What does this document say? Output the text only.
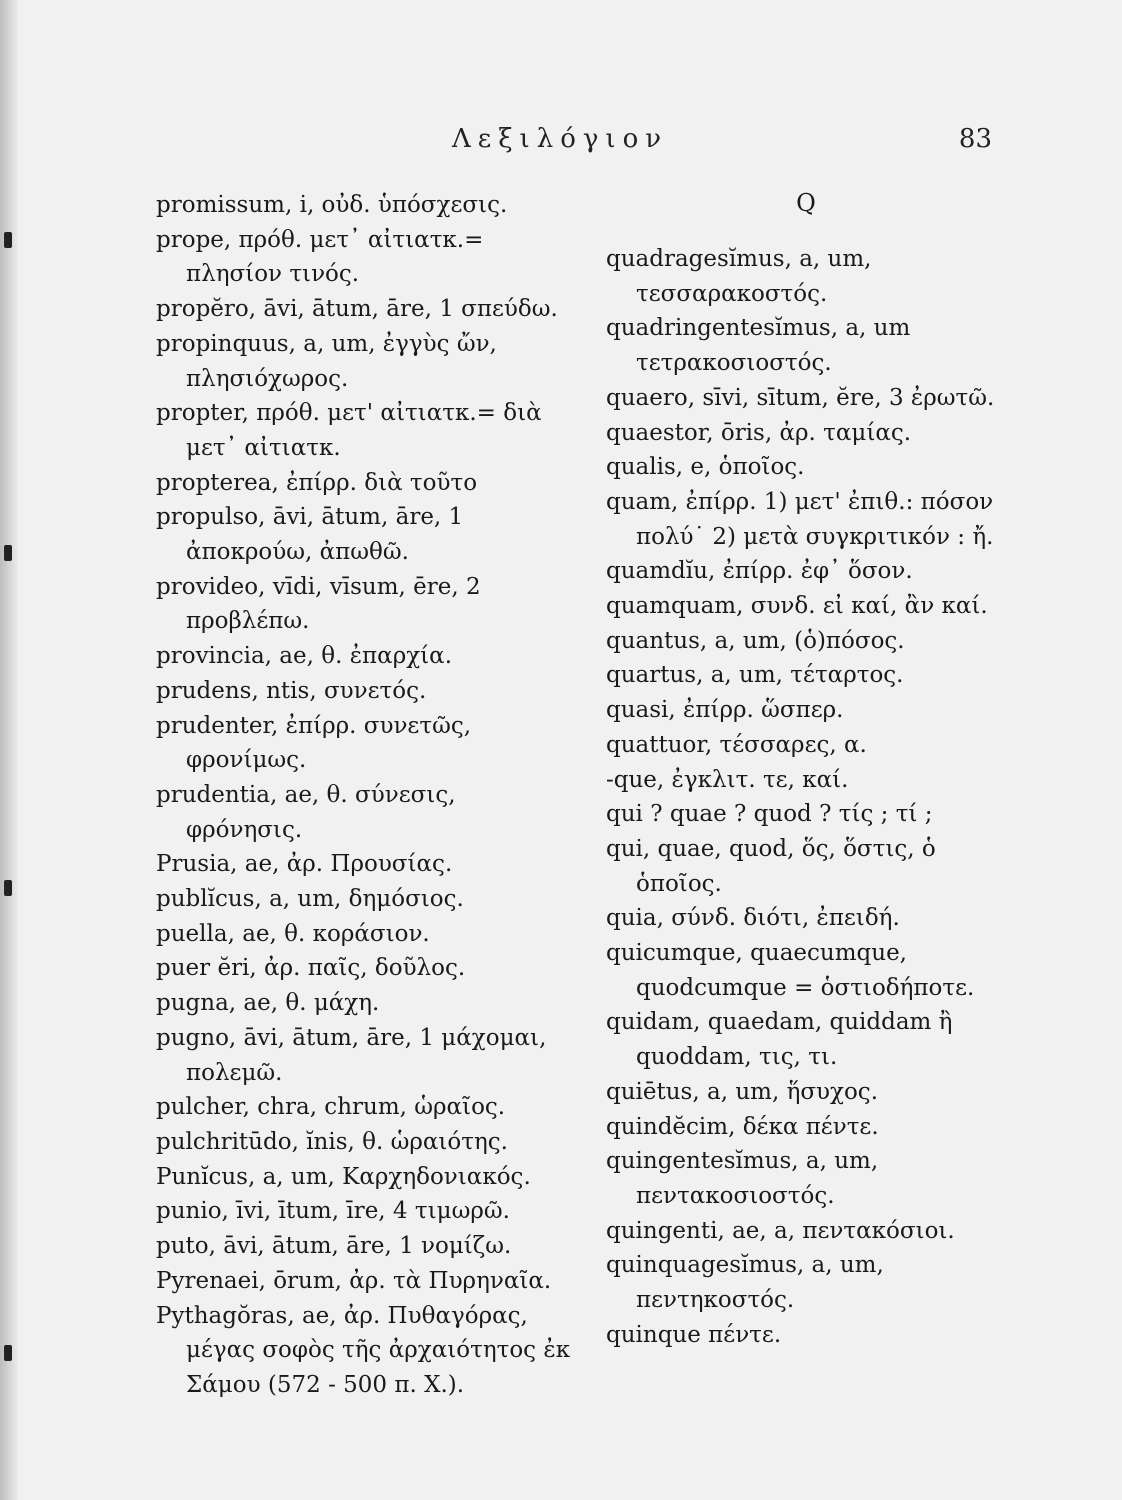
Λεξιλόγιον	83

promissum, i, οὐδ. ὑπόσχεσις.

prope, πρόθ. μετ᾽ αἰτιατκ.= πλησίον τινός.

propĕro, āvi, ātum, āre, 1 σπεύδω.

propinquus, a, um, ἐγγὺς ὤν, πλησιόχωρος.

propter, πρόθ. μετ' αἰτιατκ.= διὰ μετ᾽ αἰτιατκ.

propterea, ἐπίρρ. διὰ τοῦτο

propulso, āvi, ātum, āre, 1 ἀποκρούω, ἀπωθῶ.

provideo, vīdi, vīsum, ēre, 2 προβλέπω.

provincia, ae, θ. ἐπαρχία.

prudens, ntis, συνετός.

prudenter, ἐπίρρ. συνετῶς, φρονίμως.

prudentia, ae, θ. σύνεσις, φρόνησις.

Prusia, ae, ἀρ. Προυσίας.

publĭcus, a, um, δημόσιος.

puella, ae, θ. κοράσιον.

puer ĕri, ἀρ. παῖς, δοῦλος.

pugna, ae, θ. μάχη.

pugno, āvi, ātum, āre, 1 μάχομαι, πολεμῶ.

pulcher, chra, chrum, ὡραῖος.

pulchritūdo, ĭnis, θ. ὡραιότης.

Punĭcus, a, um, Καρχηδονιακός.

punio, īvi, ītum, īre, 4 τιμωρῶ.

puto, āvi, ātum, āre, 1 νομίζω.

Pyrenaei, ōrum, ἀρ. τὰ Πυρηναῖα.

Pythagŏras, ae, ἀρ. Πυθαγόρας, μέγας σοφὸς τῆς ἀρχαιότητος ἐκ Σάμου (572 - 500 π. Χ.).

Q

quadragesĭmus, a, um, τεσσαρακοστός.

quadringentesĭmus, a, um τετρακοσιοστός.

quaero, sīvi, sītum, ĕre, 3 ἐρωτῶ.

quaestor, ōris, ἀρ. ταμίας.

qualis, e, ὁποῖος.

quam, ἐπίρρ. 1) μετ' ἐπιθ.: πόσον πολύ˙ 2) μετὰ συγκριτικόν : ἤ.

quamdĭu, ἐπίρρ. ἐφ᾽ ὅσον.

quamquam, συνδ. εἰ καί, ἂν καί.

quantus, a, um, (ὁ)πόσος.

quartus, a, um, τέταρτος.

quasi, ἐπίρρ. ὥσπερ.

quattuor, τέσσαρες, α.

-que, ἐγκλιτ. τε, καί.

qui ? quae ? quod ? τίς ; τί ;

qui, quae, quod, ὅς, ὅστις, ὁ ὁποῖος.

quia, σύνδ. διότι, ἐπειδή.

quicumque, quaecumque, quodcumque = ὁστιοδήποτε.

quidam, quaedam, quiddam ἢ quoddam, τις, τι.

quiētus, a, um, ἥσυχος.

quindĕcim, δέκα πέντε.

quingentesĭmus, a, um, πεντακοσιοστός.

quingenti, ae, a, πεντακόσιοι.

quinquagesĭmus, a, um, πεντηκοστός.

quinque πέντε.
